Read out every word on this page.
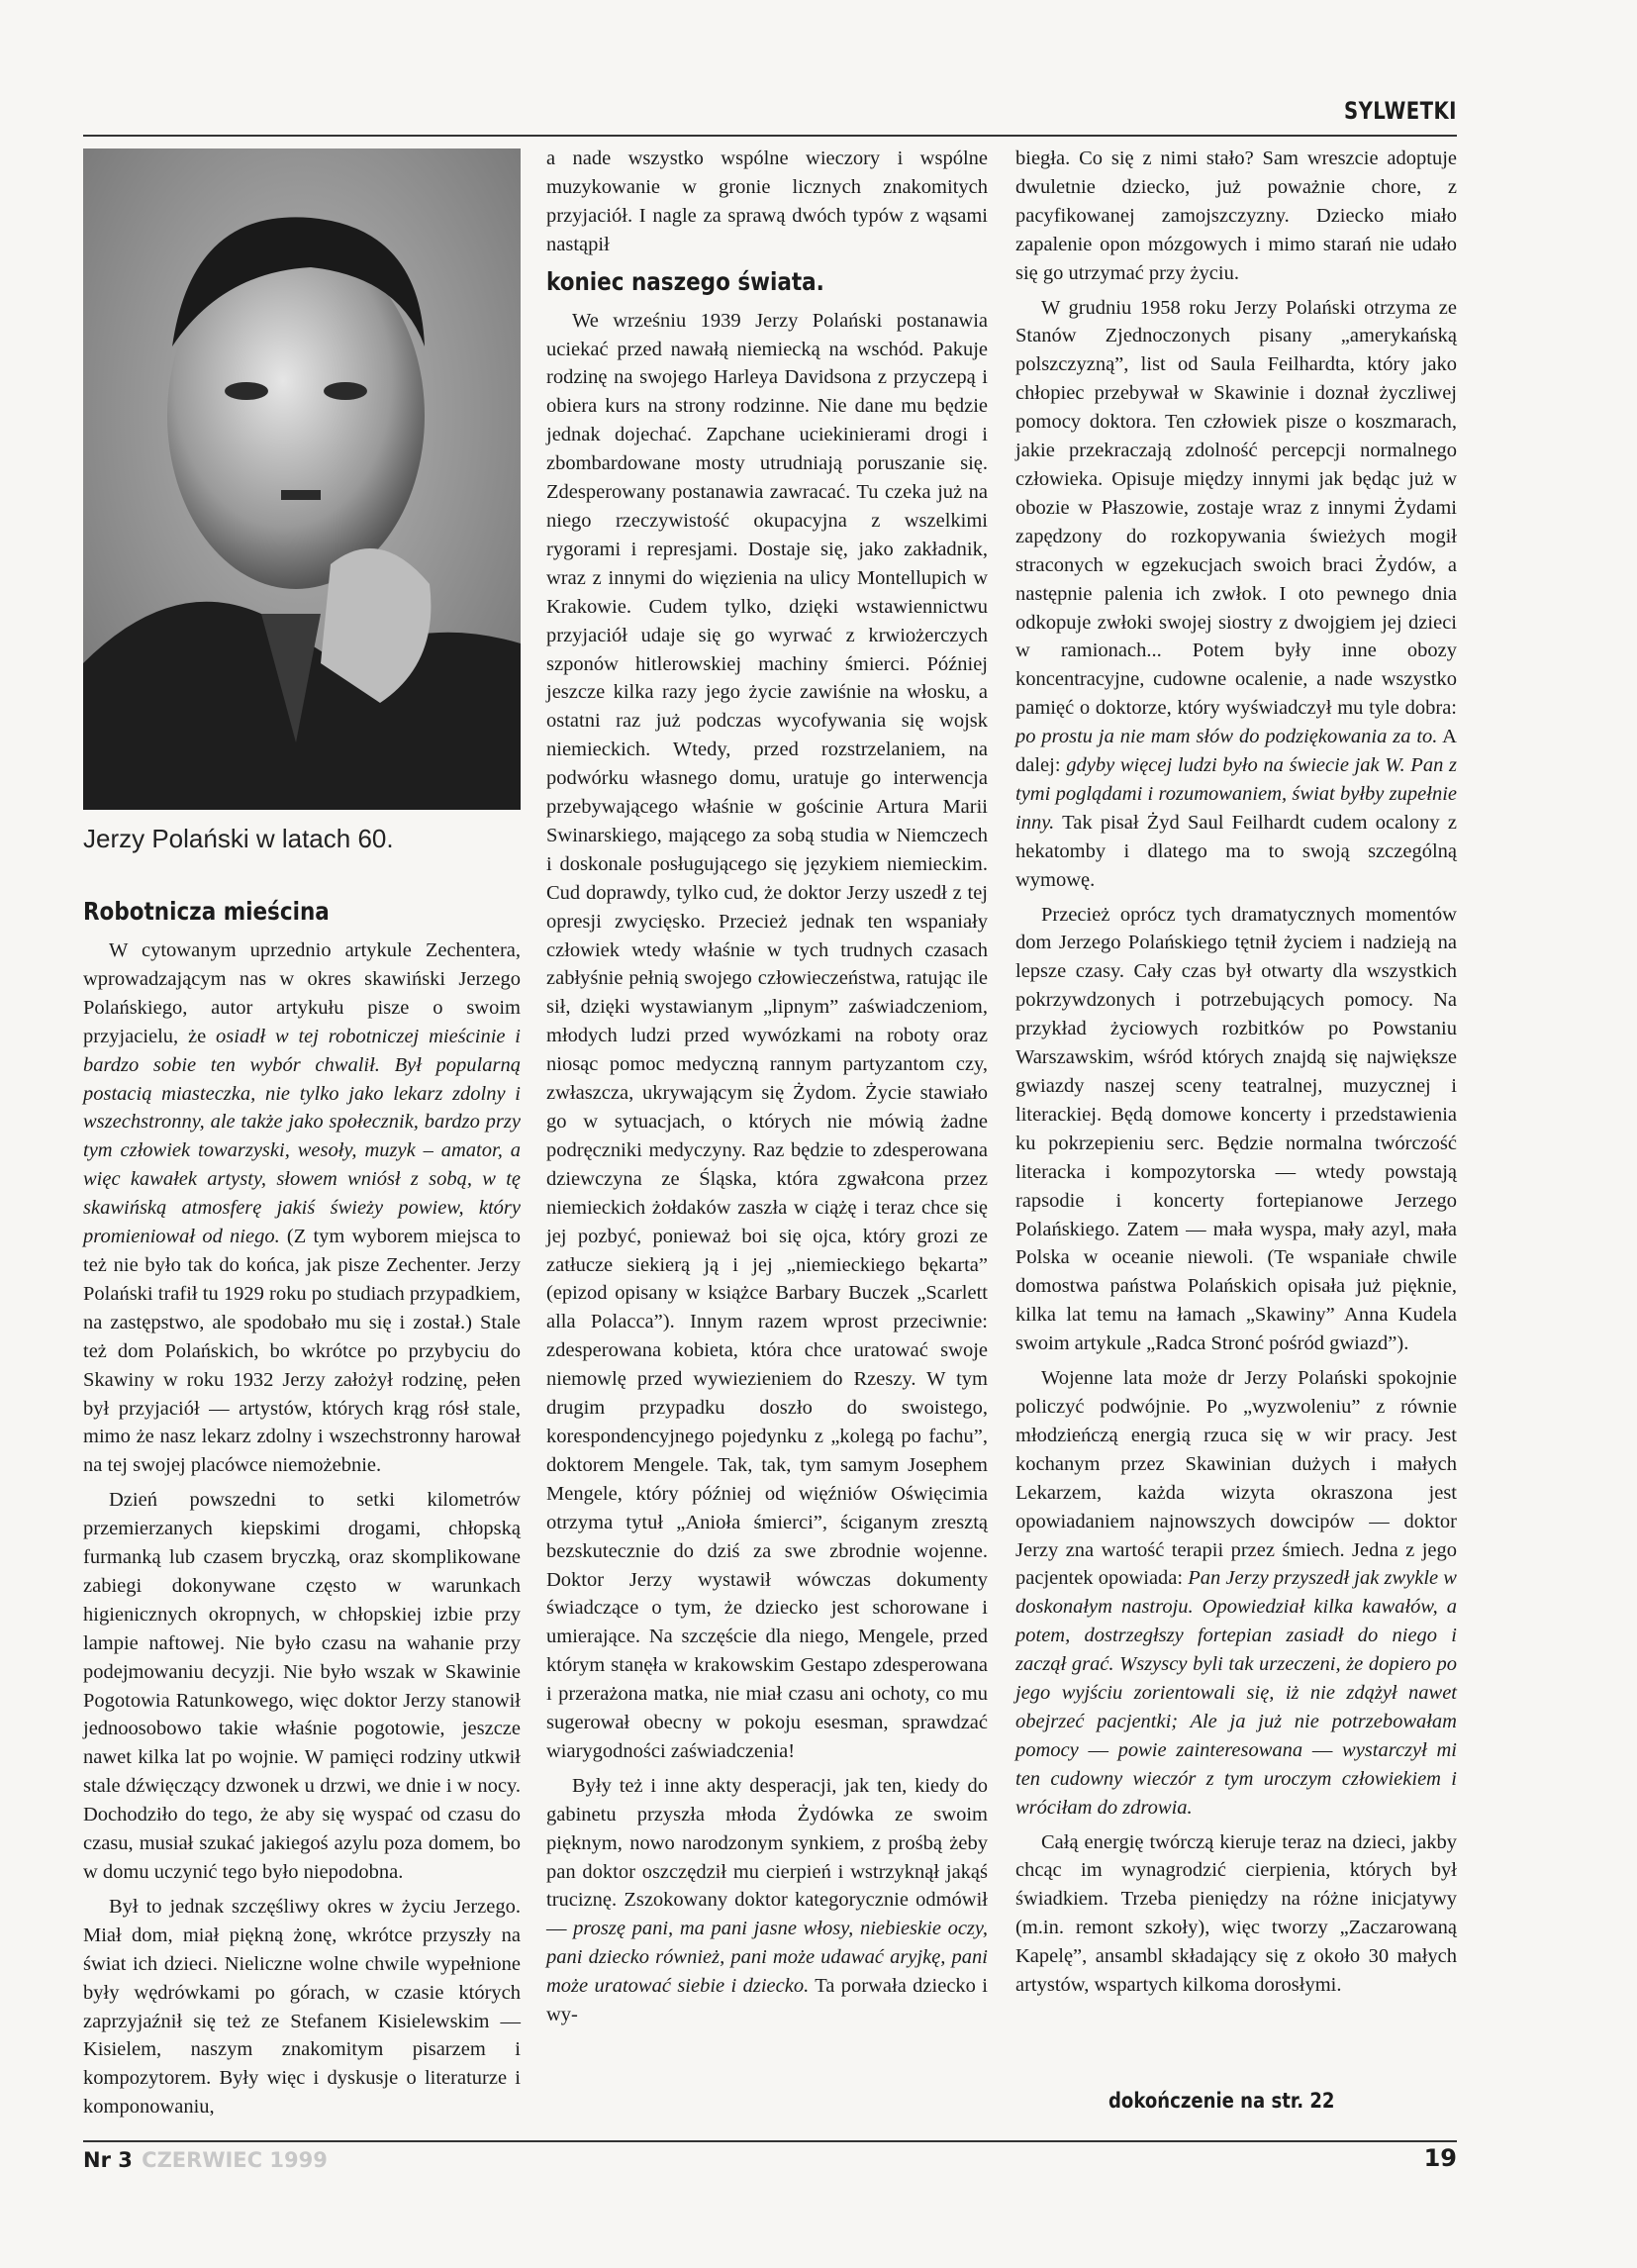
SYLWETKI
Jerzy Polański w latach 60.
Robotnicza mieścina

W cytowanym uprzednio artykule Zechentera, wprowadzającym nas w okres skawiński Jerzego Polańskiego, autor artykułu pisze o swoim przyjacielu, że osiadł w tej robotniczej mieścinie i bardzo sobie ten wybór chwalił. Był popularną postacią miasteczka, nie tylko jako lekarz zdolny i wszechstronny, ale także jako społecznik, bardzo przy tym człowiek towarzyski, wesoły, muzyk – amator, a więc kawałek artysty, słowem wniósł z sobą, w tę skawińską atmosferę jakiś świeży powiew, który promieniował od niego. (Z tym wyborem miejsca to też nie było tak do końca, jak pisze Zechenter. Jerzy Polański trafił tu 1929 roku po studiach przypadkiem, na zastępstwo, ale spodobało mu się i został.) Stale też dom Polańskich, bo wkrótce po przybyciu do Skawiny w roku 1932 Jerzy założył rodzinę, pełen był przyjaciół — artystów, których krąg rósł stale, mimo że nasz lekarz zdolny i wszechstronny harował na tej swojej placówce niemożebnie.

Dzień powszedni to setki kilometrów przemierzanych kiepskimi drogami, chłopską furmanką lub czasem bryczką, oraz skomplikowane zabiegi dokonywane często w warunkach higienicznych okropnych, w chłopskiej izbie przy lampie naftowej. Nie było czasu na wahanie przy podejmowaniu decyzji. Nie było wszak w Skawinie Pogotowia Ratunkowego, więc doktor Jerzy stanowił jednoosobowo takie właśnie pogotowie, jeszcze nawet kilka lat po wojnie. W pamięci rodziny utkwił stale dźwięczący dzwonek u drzwi, we dnie i w nocy. Dochodziło do tego, że aby się wyspać od czasu do czasu, musiał szukać jakiegoś azylu poza domem, bo w domu uczynić tego było niepodobna.

Był to jednak szczęśliwy okres w życiu Jerzego. Miał dom, miał piękną żonę, wkrótce przyszły na świat ich dzieci. Nieliczne wolne chwile wypełnione były wędrówkami po górach, w czasie których zaprzyjaźnił się też ze Stefanem Kisielewskim — Kisielem, naszym znakomitym pisarzem i kompozytorem. Były więc i dyskusje o literaturze i komponowaniu,

a nade wszystko wspólne wieczory i wspólne muzykowanie w gronie licznych znakomitych przyjaciół. I nagle za sprawą dwóch typów z wąsami nastąpił

koniec naszego świata.

We wrześniu 1939 Jerzy Polański postanawia uciekać przed nawałą niemiecką na wschód. Pakuje rodzinę na swojego Harleya Davidsona z przyczepą i obiera kurs na strony rodzinne. Nie dane mu będzie jednak dojechać. Zapchane uciekinierami drogi i zbombardowane mosty utrudniają poruszanie się. Zdesperowany postanawia zawracać. Tu czeka już na niego rzeczywistość okupacyjna z wszelkimi rygorami i represjami. Dostaje się, jako zakładnik, wraz z innymi do więzienia na ulicy Montellupich w Krakowie. Cudem tylko, dzięki wstawiennictwu przyjaciół udaje się go wyrwać z krwiożerczych szponów hitlerowskiej machiny śmierci. Później jeszcze kilka razy jego życie zawiśnie na włosku, a ostatni raz już podczas wycofywania się wojsk niemieckich. Wtedy, przed rozstrzelaniem, na podwórku własnego domu, uratuje go interwencja przebywającego właśnie w gościnie Artura Marii Swinarskiego, mającego za sobą studia w Niemczech i doskonale posługującego się językiem niemieckim. Cud doprawdy, tylko cud, że doktor Jerzy uszedł z tej opresji zwycięsko. Przecież jednak ten wspaniały człowiek wtedy właśnie w tych trudnych czasach zabłyśnie pełnią swojego człowieczeństwa, ratując ile sił, dzięki wystawianym „lipnym” zaświadczeniom, młodych ludzi przed wywózkami na roboty oraz niosąc pomoc medyczną rannym partyzantom czy, zwłaszcza, ukrywającym się Żydom. Życie stawiało go w sytuacjach, o których nie mówią żadne podręczniki medyczyny. Raz będzie to zdesperowana dziewczyna ze Śląska, która zgwałcona przez niemieckich żołdaków zaszła w ciążę i teraz chce się jej pozbyć, ponieważ boi się ojca, który grozi ze zatłucze siekierą ją i jej „niemieckiego bękarta” (epizod opisany w książce Barbary Buczek „Scarlett alla Polacca”). Innym razem wprost przeciwnie: zdesperowana kobieta, która chce uratować swoje niemowlę przed wywiezieniem do Rzeszy. W tym drugim przypadku doszło do swoistego, korespondencyjnego pojedynku z „kolegą po fachu”, doktorem Mengele. Tak, tak, tym samym Josephem Mengele, który później od więźniów Oświęcimia otrzyma tytuł „Anioła śmierci”, ściganym zresztą bezskutecznie do dziś za swe zbrodnie wojenne. Doktor Jerzy wystawił wówczas dokumenty świadczące o tym, że dziecko jest schorowane i umierające. Na szczęście dla niego, Mengele, przed którym stanęła w krakowskim Gestapo zdesperowana i przerażona matka, nie miał czasu ani ochoty, co mu sugerował obecny w pokoju esesman, sprawdzać wiarygodności zaświadczenia!

Były też i inne akty desperacji, jak ten, kiedy do gabinetu przyszła młoda Żydówka ze swoim pięknym, nowo narodzonym synkiem, z prośbą żeby pan doktor oszczędził mu cierpień i wstrzyknął jakąś truciznę. Zszokowany doktor kategorycznie odmówił — proszę pani, ma pani jasne włosy, niebieskie oczy, pani dziecko również, pani może udawać aryjkę, pani może uratować siebie i dziecko. Ta porwała dziecko i wy-

biegła. Co się z nimi stało? Sam wreszcie adoptuje dwuletnie dziecko, już poważnie chore, z pacyfikowanej zamojszczyzny. Dziecko miało zapalenie opon mózgowych i mimo starań nie udało się go utrzymać przy życiu.

W grudniu 1958 roku Jerzy Polański otrzyma ze Stanów Zjednoczonych pisany „amerykańską polszczyzną”, list od Saula Feilhardta, który jako chłopiec przebywał w Skawinie i doznał życzliwej pomocy doktora. Ten człowiek pisze o koszmarach, jakie przekraczają zdolność percepcji normalnego człowieka. Opisuje między innymi jak będąc już w obozie w Płaszowie, zostaje wraz z innymi Żydami zapędzony do rozkopywania świeżych mogił straconych w egzekucjach swoich braci Żydów, a następnie palenia ich zwłok. I oto pewnego dnia odkopuje zwłoki swojej siostry z dwojgiem jej dzieci w ramionach... Potem były inne obozy koncentracyjne, cudowne ocalenie, a nade wszystko pamięć o doktorze, który wyświadczył mu tyle dobra: po prostu ja nie mam słów do podziękowania za to. A dalej: gdyby więcej ludzi było na świecie jak W. Pan z tymi poglądami i rozumowaniem, świat byłby zupełnie inny. Tak pisał Żyd Saul Feilhardt cudem ocalony z hekatomby i dlatego ma to swoją szczególną wymowę.

Przecież oprócz tych dramatycznych momentów dom Jerzego Polańskiego tętnił życiem i nadzieją na lepsze czasy. Cały czas był otwarty dla wszystkich pokrzywdzonych i potrzebujących pomocy. Na przykład życiowych rozbitków po Powstaniu Warszawskim, wśród których znajdą się największe gwiazdy naszej sceny teatralnej, muzycznej i literackiej. Będą domowe koncerty i przedstawienia ku pokrzepieniu serc. Będzie normalna twórczość literacka i kompozytorska — wtedy powstają rapsodie i koncerty fortepianowe Jerzego Polańskiego. Zatem — mała wyspa, mały azyl, mała Polska w oceanie niewoli. (Te wspaniałe chwile domostwa państwa Polańskich opisała już pięknie, kilka lat temu na łamach „Skawiny” Anna Kudela swoim artykule „Radca Stronć pośród gwiazd”).

Wojenne lata może dr Jerzy Polański spokojnie policzyć podwójnie. Po „wyzwoleniu” z równie młodzieńczą energią rzuca się w wir pracy. Jest kochanym przez Skawinian dużych i małych Lekarzem, każda wizyta okraszona jest opowiadaniem najnowszych dowcipów — doktor Jerzy zna wartość terapii przez śmiech. Jedna z jego pacjentek opowiada: Pan Jerzy przyszedł jak zwykle w doskonałym nastroju. Opowiedział kilka kawałów, a potem, dostrzegłszy fortepian zasiadł do niego i zaczął grać. Wszyscy byli tak urzeczeni, że dopiero po jego wyjściu zorientowali się, iż nie zdążył nawet obejrzeć pacjentki; Ale ja już nie potrzebowałam pomocy — powie zainteresowana — wystarczył mi ten cudowny wieczór z tym uroczym człowiekiem i wróciłam do zdrowia.

Całą energię twórczą kieruje teraz na dzieci, jakby chcąc im wynagrodzić cierpienia, których był świadkiem. Trzeba pieniędzy na różne inicjatywy (m.in. remont szkoły), więc tworzy „Zaczarowaną Kapelę”, ansambl składający się z około 30 małych artystów, wspartych kilkoma dorosłymi.

dokończenie na str. 22
Nr 3 CZERWIEC 1999	19
